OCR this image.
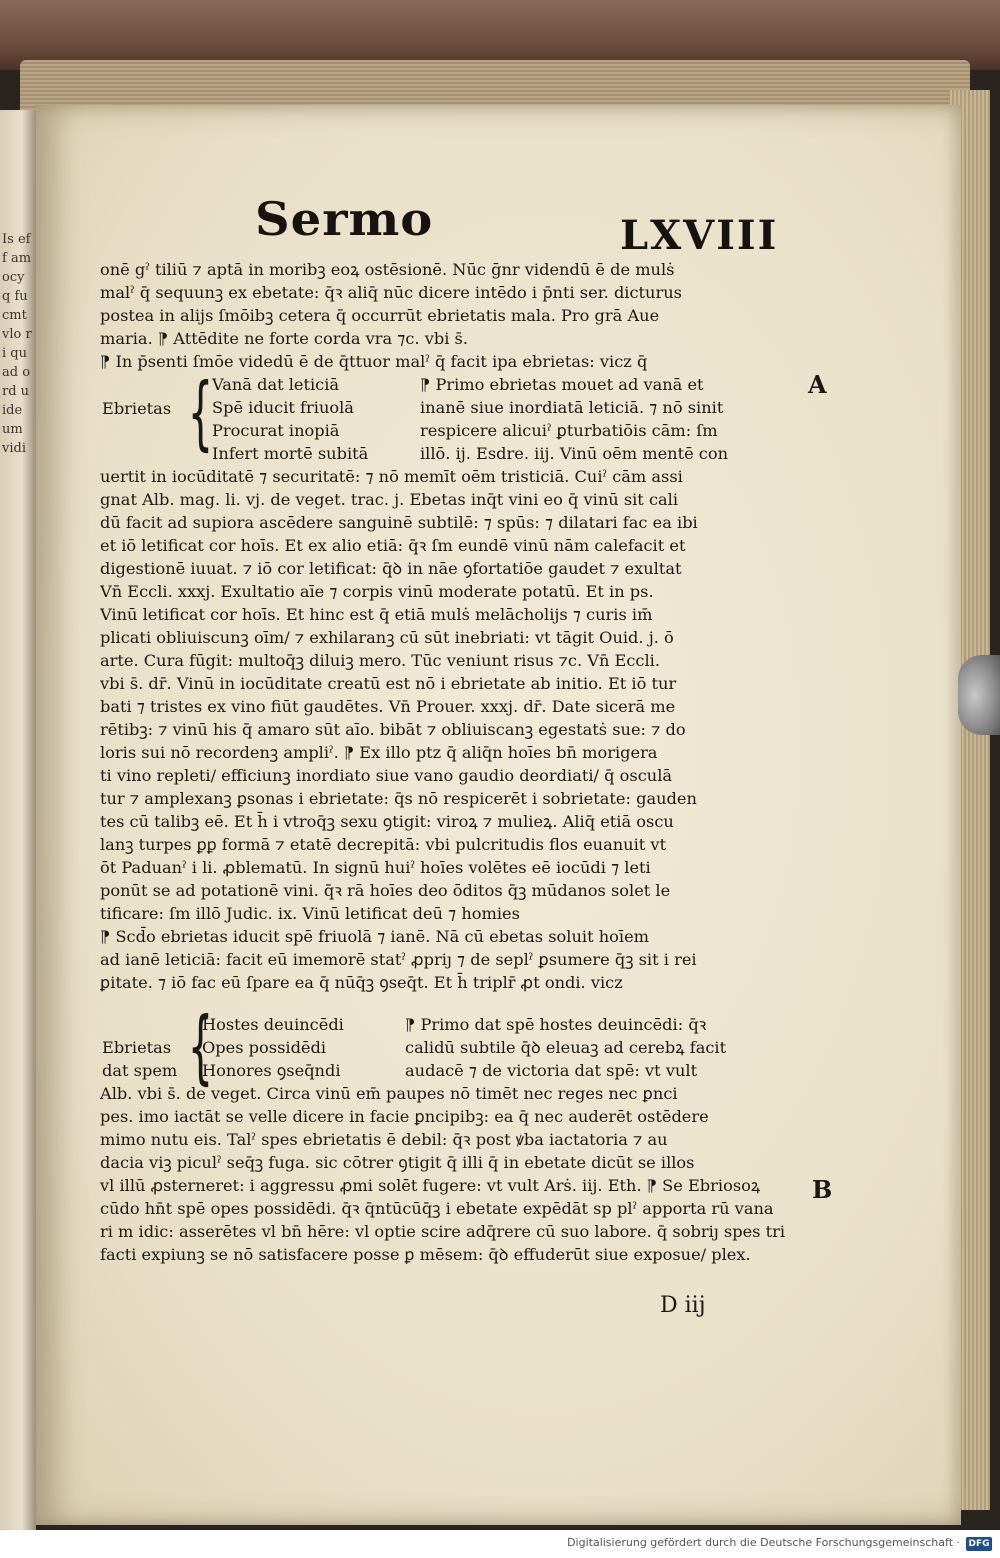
Is eff am ocy q fu cmt vlo ri quad ord uide um vidi
Sermo	LXVIII
onē gˀ tiliū ⁊ aptā in moribꝫ eoꝝ ostēsionē. Nūc ḡnr videndū ē de mulṡ
malˀ q̄ sequunꝫ ex ebetate: q̄ꝛ aliq̄ nūc dicere intēdo i p̄nti ser. dicturus
postea in alijs ſmōibꝫ cetera q̄ occurrūt ebrietatis mala. Pro grā Aue
maria. ⁋ Attēdite ne forte corda vra ⁊c. vbi s̄.
⁋ In p̄senti ſmōe videdū ē de q̄ttuor malˀ q̄ facit ipa ebrietas: vicz q̄
{
Ebrietas
Vanā dat leticiā
Spē iducit friuolā
Procurat inopiā
Infert mortē subitā
⁋ Primo ebrietas mouet ad vanā et
inanē siue inordiatā leticiā. ⁊ nō sinit
respicere alicuiˀ ꝑturbatiōis cām: ſm
illō. ij. Esdre. iij. Vinū oēm mentē con
uertit in iocūditatē ⁊ securitatē: ⁊ nō memīt oēm tristiciā. Cuiˀ cām assi
gnat Alb. mag. li. vj. de veget. trac. j. Ebetas inq̄t vini eo q̄ vinū sit cali
dū facit ad supiora ascēdere sanguinē subtilē: ⁊ spūs: ⁊ dilatari fac ea ibi
et iō letificat cor hoīs. Et ex alio etiā: q̄ꝛ ſm eundē vinū nām calefacit et
digestionē iuuat. ⁊ iō cor letificat: q̄ꝺ in nāe ꝯfortatiōe gaudet ⁊ exultat
Vn̄ Eccli. xxxj. Exultatio aīe ⁊ corpis vinū moderate potatū. Et in ps.
Vinū letificat cor hoīs. Et hinc est q̄ etiā mulṡ melācholijs ⁊ curis im̄
plicati obliuiscunꝫ oīm/ ⁊ exhilaranꝫ cū sūt inebriati: vt tāgit Ouid. j. ō
arte. Cura fūgit: multoq̄ꝫ diluiꝫ mero. Tūc veniunt risus ⁊c. Vn̄ Eccli.
vbi s̄. dr̄. Vinū in iocūditate creatū est nō i ebrietate ab initio. Et iō tur
bati ⁊ tristes ex vino fiūt gaudētes. Vn̄ Prouer. xxxj. dr̄. Date sicerā me
rētibꝫ: ⁊ vinū his q̄ amaro sūt aīo. bibāt ⁊ obliuiscanꝫ egestatṡ sue: ⁊ do
loris sui nō recordenꝫ ampliˀ. ⁋ Ex illo ptz q̄ aliq̄n hoīes bn̄ morigera
ti vino repleti/ efficiunꝫ inordiato siue vano gaudio deordiati/ q̄ osculā
tur ⁊ amplexanꝫ ꝑsonas i ebrietate: q̄s nō respicerēt i sobrietate: gauden
tes cū talibꝫ eē. Et h̄ i vtroq̄ꝫ sexu ꝯtigit: viroꝝ ⁊ mulieꝝ. Aliq̄ etiā oscu
lanꝫ turpes ꝑꝑ formā ⁊ etatē decrepitā: vbi pulcritudis flos euanuit vt
ōt Paduanˀ i li. ꝓblematū. In signū huiˀ hoīes volētes eē iocūdi ⁊ leti
ponūt se ad potationē vini. q̄ꝛ rā hoīes deo ōditos q̄ꝫ mūdanos solet le
tificare: ſm illō Judic. ix. Vinū letificat deū ⁊ homies
⁋ Scd̄o ebrietas iducit spē friuolā ⁊ ianē. Nā cū ebetas soluit hoīem
ad ianē leticiā: facit eū imemorē statˀ ꝓpriȷ ⁊ de seplˀ ꝑsumere q̄ꝫ sit i rei
ꝑitate. ⁊ iō fac eū ſpare ea q̄ nūq̄ꝫ ꝯseq̄t. Et h̄ triplr̄ ꝓt ondi. vicz
{
Ebrietas
dat spem
Hostes deuincēdi
Opes possidēdi
Honores ꝯseq̄ndi
⁋ Primo dat spē hostes deuincēdi: q̄ꝛ
calidū subtile q̄ꝺ eleuaꝫ ad cerebꝝ facit
audacē ⁊ de victoria dat spē: vt vult
Alb. vbi s̄. de veget. Circa vinū em̄ paupes nō timēt nec reges nec ꝑnci
pes. imo iactāt se velle dicere in facie ꝑncipibꝫ: ea q̄ nec auderēt ostēdere
mimo nutu eis. Talˀ spes ebrietatis ē debil: q̄ꝛ post ꝟba iactatoria ⁊ au
dacia viꝫ piculˀ seq̄ꝫ fuga. sic cōtrer ꝯtigit q̄ illi q̄ in ebetate dicūt se illos
vl illū ꝓsterneret: i aggressu ꝓmi solēt fugere: vt vult Arṡ. iij. Eth. ⁋ Se Ebriosoꝝ
cūdo hn̄t spē opes possidēdi. q̄ꝛ q̄ntūcūq̄ꝫ i ebetate expēdāt sp plˀ apporta rū vana
ri m idic: asserētes vl bn̄ hēre: vl optie scire adq̄rere cū suo labore. q̄ sobriȷ spes tri
facti expiunꝫ se nō satisfacere posse ꝑ mēsem: q̄ꝺ effuderūt siue exposue/ plex.
A
B
D iij
Digitalisierung gefördert durch die Deutsche Forschungsgemeinschaft · DFG
